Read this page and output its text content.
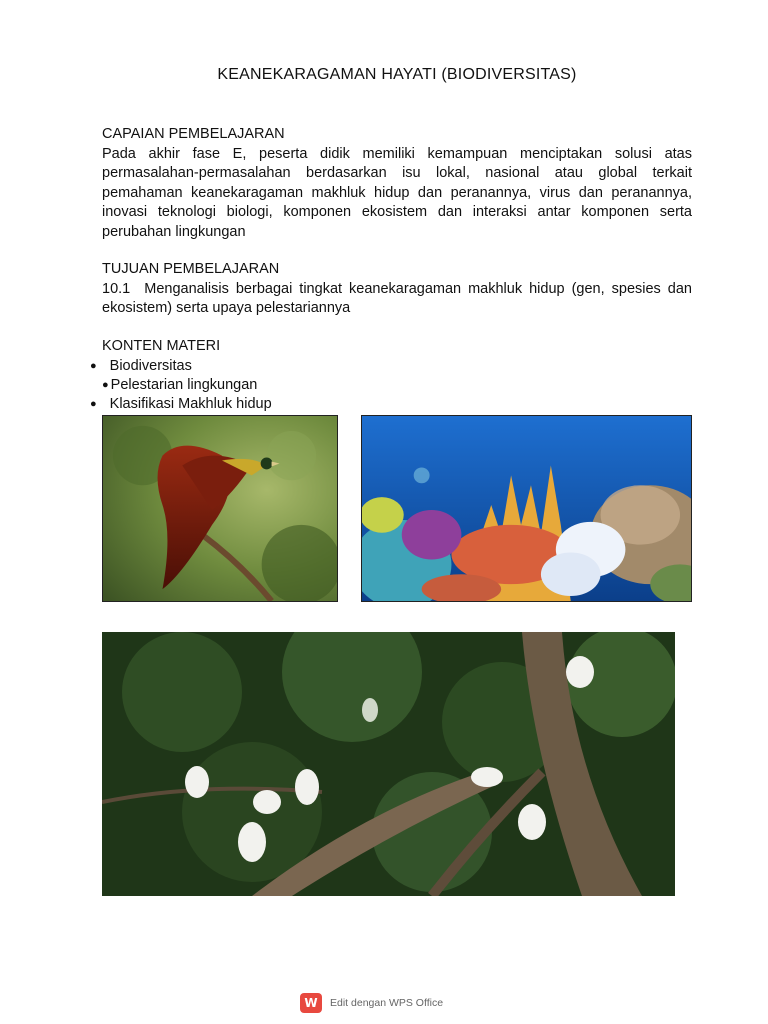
KEANEKARAGAMAN HAYATI (BIODIVERSITAS)
CAPAIAN PEMBELAJARAN
Pada akhir fase E, peserta didik memiliki kemampuan menciptakan solusi atas permasalahan-permasalahan berdasarkan isu lokal, nasional atau global terkait pemahaman keanekaragaman makhluk hidup dan peranannya, virus dan peranannya, inovasi teknologi biologi, komponen ekosistem dan interaksi antar komponen serta perubahan lingkungan
TUJUAN PEMBELAJARAN
10.1  Menganalisis berbagai tingkat keanekaragaman makhluk hidup (gen, spesies dan ekosistem) serta upaya pelestariannya
KONTEN MATERI
● Biodiversitas
● Pelestarian lingkungan
● Klasifikasi Makhluk hidup
W	Edit dengan WPS Office
